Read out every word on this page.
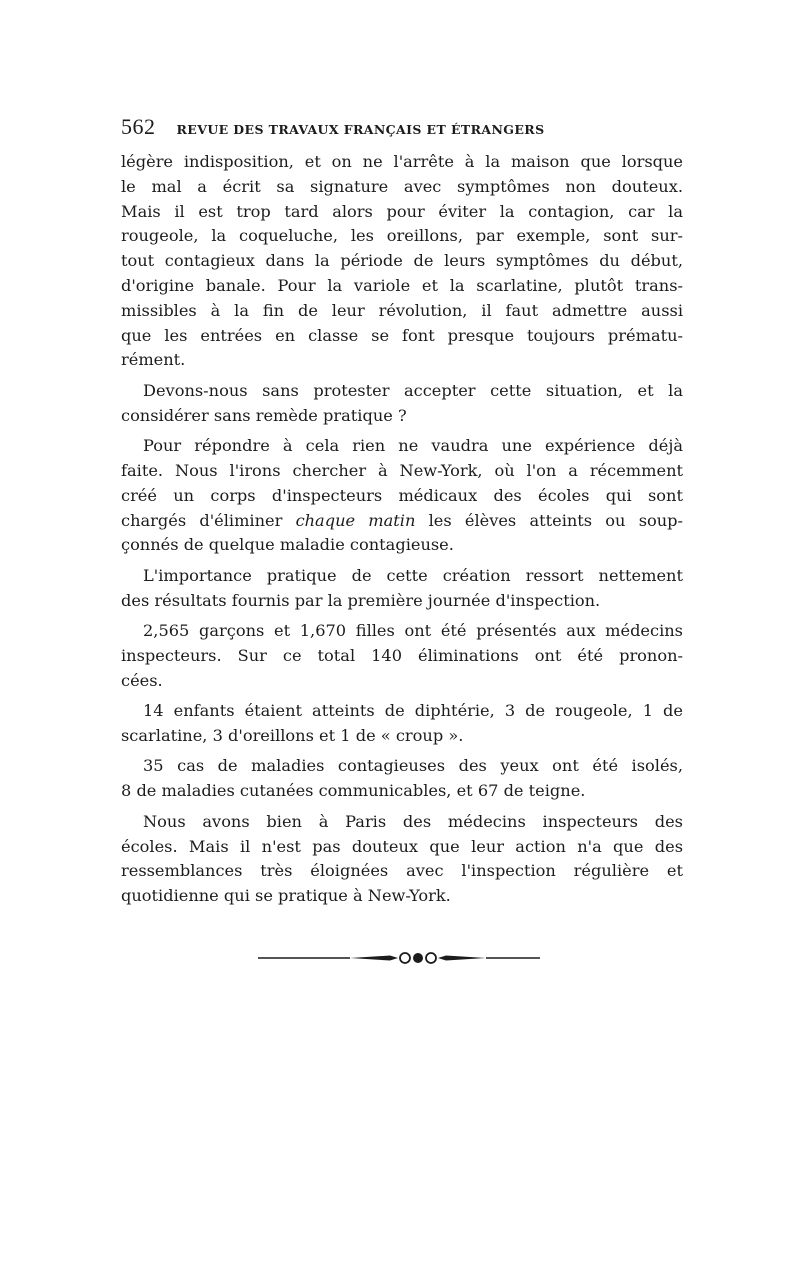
562 REVUE DES TRAVAUX FRANÇAIS ET ÉTRANGERS
légère indisposition, et on ne l'arrête à la maison que lorsque
le mal a écrit sa signature avec symptômes non douteux.
Mais il est trop tard alors pour éviter la contagion, car la
rougeole, la coqueluche, les oreillons, par exemple, sont sur-
tout contagieux dans la période de leurs symptômes du début,
d'origine banale. Pour la variole et la scarlatine, plutôt trans-
missibles à la fin de leur révolution, il faut admettre aussi
que les entrées en classe se font presque toujours prématu-
rément.
Devons-nous sans protester accepter cette situation, et la
considérer sans remède pratique ?
Pour répondre à cela rien ne vaudra une expérience déjà
faite. Nous l'irons chercher à New-York, où l'on a récemment
créé un corps d'inspecteurs médicaux des écoles qui sont
chargés d'éliminer chaque matin les élèves atteints ou soup-
çonnés de quelque maladie contagieuse.
L'importance pratique de cette création ressort nettement
des résultats fournis par la première journée d'inspection.
2,565 garçons et 1,670 filles ont été présentés aux médecins
inspecteurs. Sur ce total 140 éliminations ont été pronon-
cées.
14 enfants étaient atteints de diphtérie, 3 de rougeole, 1 de
scarlatine, 3 d'oreillons et 1 de « croup ».
35 cas de maladies contagieuses des yeux ont été isolés,
8 de maladies cutanées communicables, et 67 de teigne.
Nous avons bien à Paris des médecins inspecteurs des
écoles. Mais il n'est pas douteux que leur action n'a que des
ressemblances très éloignées avec l'inspection régulière et
quotidienne qui se pratique à New-York.
